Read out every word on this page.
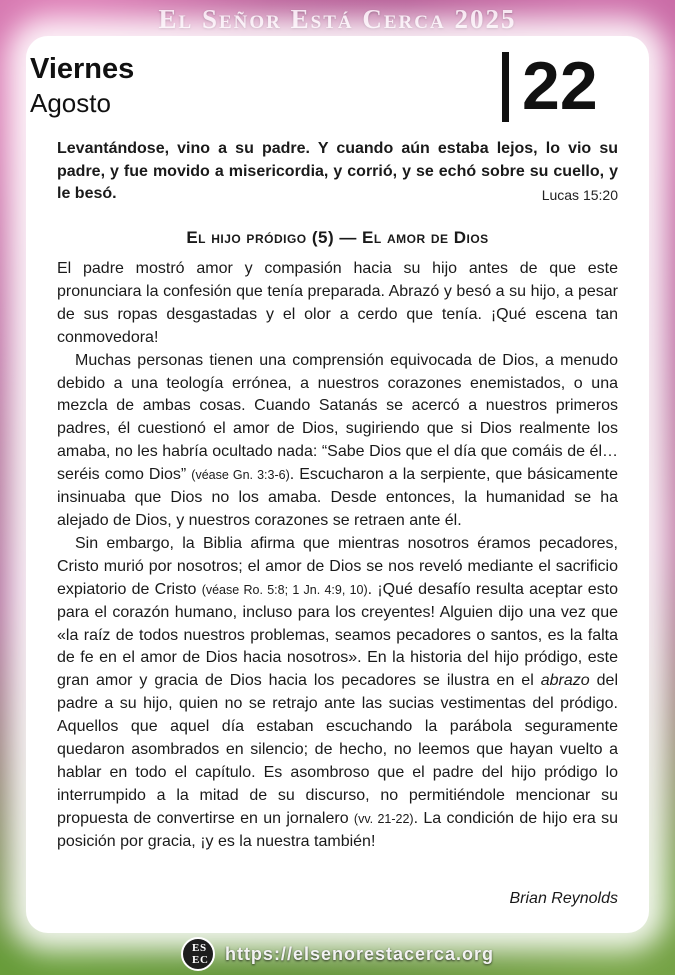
El Señor Está Cerca 2025
Viernes
Agosto	22
Levantándose, vino a su padre. Y cuando aún estaba lejos, lo vio su padre, y fue movido a misericordia, y corrió, y se echó sobre su cuello, y le besó.	Lucas 15:20
El hijo pródigo (5) — El amor de Dios

El padre mostró amor y compasión hacia su hijo antes de que este pronunciara la confesión que tenía preparada. Abrazó y besó a su hijo, a pesar de sus ropas desgastadas y el olor a cerdo que tenía. ¡Qué escena tan conmovedora!

Muchas personas tienen una comprensión equivocada de Dios, a menudo debido a una teología errónea, a nuestros corazones enemistados, o una mezcla de ambas cosas. Cuando Satanás se acercó a nuestros primeros padres, él cuestionó el amor de Dios, sugiriendo que si Dios realmente los amaba, no les habría ocultado nada: “Sabe Dios que el día que comáis de él… seréis como Dios” (véase Gn. 3:3-6). Escucharon a la serpiente, que básicamente insinuaba que Dios no los amaba. Desde entonces, la humanidad se ha alejado de Dios, y nuestros corazones se retraen ante él.

Sin embargo, la Biblia afirma que mientras nosotros éramos pecadores, Cristo murió por nosotros; el amor de Dios se nos reveló mediante el sacrificio expiatorio de Cristo (véase Ro. 5:8; 1 Jn. 4:9, 10). ¡Qué desafío resulta aceptar esto para el corazón humano, incluso para los creyentes! Alguien dijo una vez que «la raíz de todos nuestros problemas, seamos pecadores o santos, es la falta de fe en el amor de Dios hacia nosotros». En la historia del hijo pródigo, este gran amor y gracia de Dios hacia los pecadores se ilustra en el abrazo del padre a su hijo, quien no se retrajo ante las sucias vestimentas del pródigo. Aquellos que aquel día estaban escuchando la parábola seguramente quedaron asombrados en silencio; de hecho, no leemos que hayan vuelto a hablar en todo el capítulo. Es asombroso que el padre del hijo pródigo lo interrumpido a la mitad de su discurso, no permitiéndole mencionar su propuesta de convertirse en un jornalero (vv. 21-22). La condición de hijo era su posición por gracia, ¡y es la nuestra también!

Brian Reynolds
E S
E C https://elsenorestacerca.org
